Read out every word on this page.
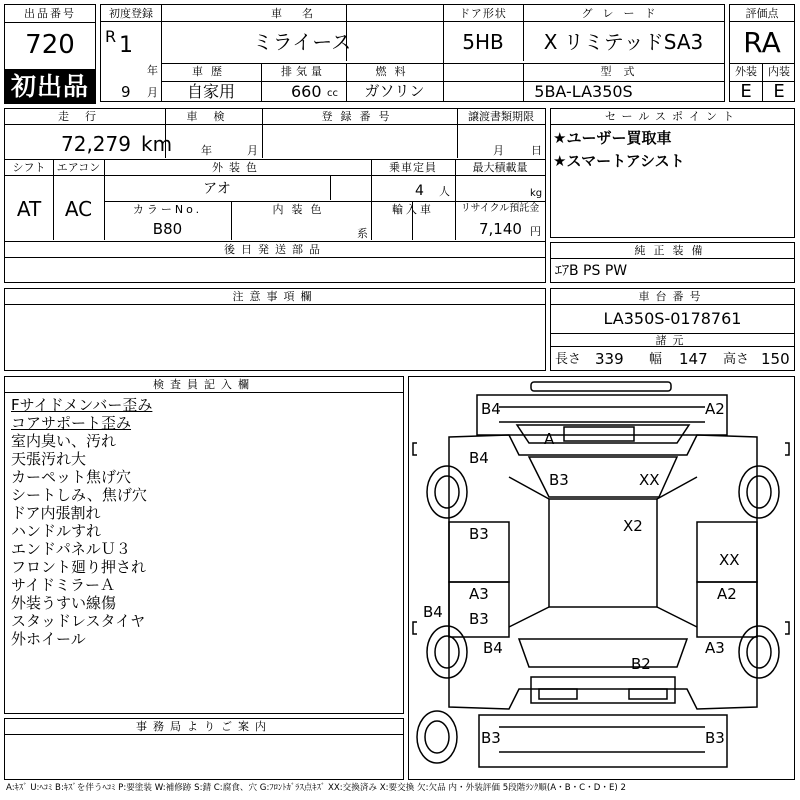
出品番号
720
初出品
初度登録
R 1
年
9 月
車名
ミライース
ドア形状
5HB
グレード
X リミテッドSA3
車歴
自家用
排気量
660 cc
燃料
ガソリン
型式
5BA-LA350S
評価点
RA
外装	内装
E	E
走行
72,279 km
車検
年	月
登録番号	譲渡書類期限
月 日
シフト
AT
エアコン
AC
外装色
アオ
乗車定員
4 人
最大積載量
kg
カラーNo.
B80
内装色
系
輸入車	リサイクル預託金
7,140 円
後日発送部品
セールスポイント
★ユーザー買取車
★スマートアシスト
純正装備
ｴｱB PS PW
注意事項欄	車台番号
LA350S-0178761
諸元
長さ 339 幅 147 高さ 150
検査員記入欄
Fサイドメンバー歪み
コアサポート歪み
室内臭い、汚れ
天張汚れ大
カーペット焦げ穴
シートしみ、焦げ穴
ドア内張割れ
ハンドルすれ
エンドパネルＵ３
フロント廻り押され
サイドミラーＡ
外装うすい線傷
スタッドレスタイヤ
外ホイール
事務局よりご案内
B4	A2
A
B4
B3	XX
X2
B3
XX
A3	A2
B3
B4
B4	A3
B2
B3	B3
A:ｷｽﾞ U:ﾍｺﾐ B:ｷｽﾞを伴うﾍｺﾐ P:要塗装 W:補修跡 S:錆 C:腐食、穴 G:ﾌﾛﾝﾄｶﾞﾗｽ点ｷｽﾞ XX:交換済み X:要交換 欠:欠品 内・外装評価 5段階ﾗﾝｸ順(A・B・C・D・E) 2
